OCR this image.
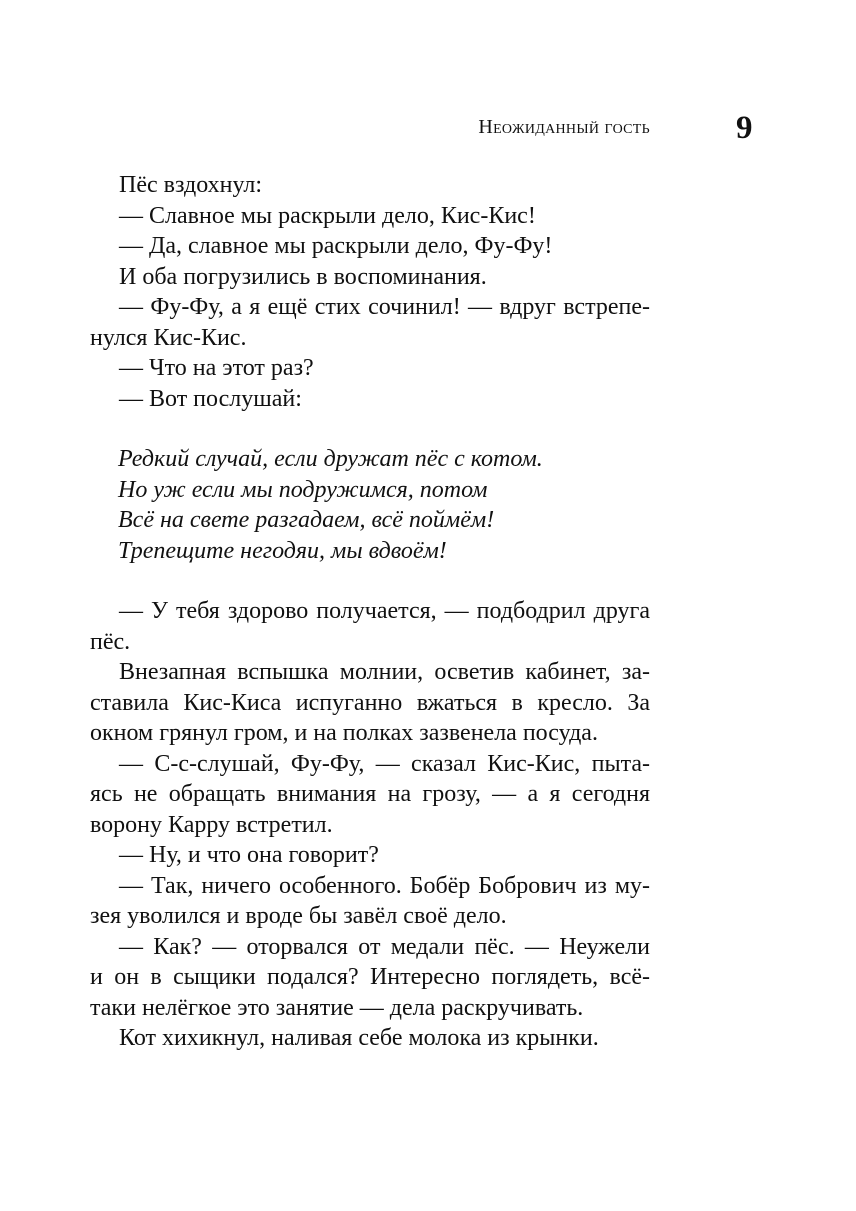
Неожиданный гость	9
Пёс вздохнул:
— Славное мы раскрыли дело, Кис-Кис!
— Да, славное мы раскрыли дело, Фу-Фу!
И оба погрузились в воспоминания.
— Фу-Фу, а я ещё стих сочинил! — вдруг встрепе-
нулся Кис-Кис.
— Что на этот раз?
— Вот послушай:
Редкий случай, если дружат пёс с котом.
Но уж если мы подружимся, потом
Всё на свете разгадаем, всё поймём!
Трепещите негодяи, мы вдвоём!
— У тебя здорово получается, — подбодрил друга
пёс.
Внезапная вспышка молнии, осветив кабинет, за-
ставила Кис-Киса испуганно вжаться в кресло. За
окном грянул гром, и на полках зазвенела посуда.
— С-с-слушай, Фу-Фу, — сказал Кис-Кис, пыта-
ясь не обращать внимания на грозу, — а я сегодня
ворону Карру встретил.
— Ну, и что она говорит?
— Так, ничего особенного. Бобёр Бобрович из му-
зея уволился и вроде бы завёл своё дело.
— Как? — оторвался от медали пёс. — Неужели
и он в сыщики подался? Интересно поглядеть, всё-
таки нелёгкое это занятие — дела раскручивать.
Кот хихикнул, наливая себе молока из крынки.
